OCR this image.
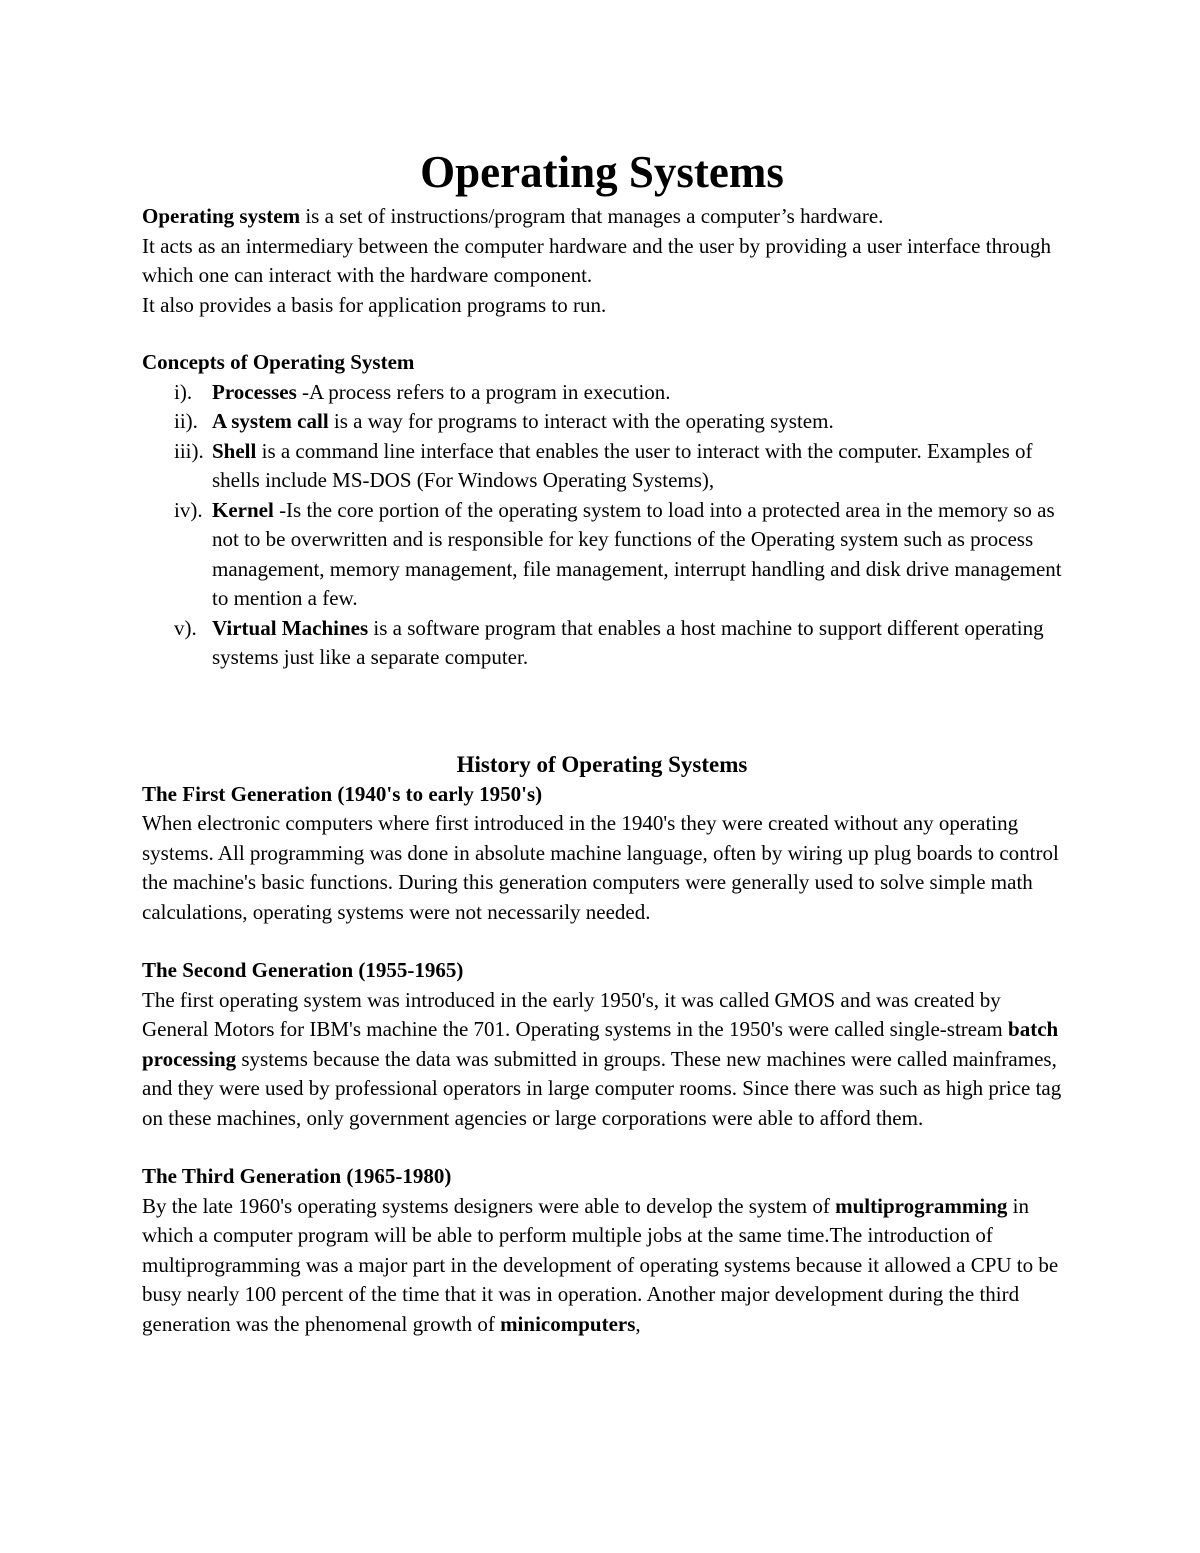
Operating Systems

Operating system is a set of instructions/program that manages a computer’s hardware.

It acts as an intermediary between the computer hardware and the user by providing a user interface through which one can interact with the hardware component.

It also provides a basis for application programs to run.

Concepts of Operating System
i). Processes -A process refers to a program in execution.
ii). A system call is a way for programs to interact with the operating system.
iii). Shell is a command line interface that enables the user to interact with the computer. Examples of shells include MS-DOS (For Windows Operating Systems),
iv). Kernel -Is the core portion of the operating system to load into a protected area in the memory so as not to be overwritten and is responsible for key functions of the Operating system such as process management, memory management, file management, interrupt handling and disk drive management to mention a few.
v). Virtual Machines is a software program that enables a host machine to support different operating systems just like a separate computer.
History of Operating Systems
The First Generation (1940's to early 1950's)

When electronic computers where first introduced in the 1940's they were created without any operating systems. All programming was done in absolute machine language, often by wiring up plug boards to control the machine's basic functions. During this generation computers were generally used to solve simple math calculations, operating systems were not necessarily needed.

The Second Generation (1955-1965)

The first operating system was introduced in the early 1950's, it was called GMOS and was created by General Motors for IBM's machine the 701. Operating systems in the 1950's were called single-stream batch processing systems because the data was submitted in groups. These new machines were called mainframes, and they were used by professional operators in large computer rooms. Since there was such as high price tag on these machines, only government agencies or large corporations were able to afford them.

The Third Generation (1965-1980)

By the late 1960's operating systems designers were able to develop the system of multiprogramming in which a computer program will be able to perform multiple jobs at the same time.The introduction of multiprogramming was a major part in the development of operating systems because it allowed a CPU to be busy nearly 100 percent of the time that it was in operation. Another major development during the third generation was the phenomenal growth of minicomputers,
